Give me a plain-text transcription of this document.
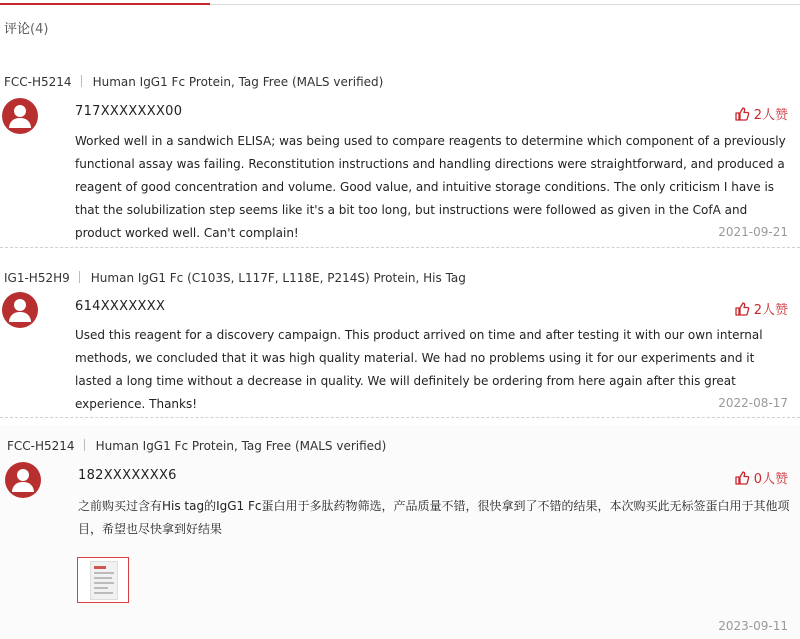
评论(4)
FCC-H5214 Human IgG1 Fc Protein, Tag Free (MALS verified)
717XXXXXXX00	2人赞
Worked well in a sandwich ELISA; was being used to compare reagents to determine which component of a previously functional assay was failing. Reconstitution instructions and handling directions were straightforward, and produced a reagent of good concentration and volume. Good value, and intuitive storage conditions. The only criticism I have is that the solubilization step seems like it's a bit too long, but instructions were followed as given in the CofA and product worked well. Can't complain!	2021-09-21
IG1-H52H9 Human IgG1 Fc (C103S, L117F, L118E, P214S) Protein, His Tag
614XXXXXXX	2人赞
Used this reagent for a discovery campaign. This product arrived on time and after testing it with our own internal methods, we concluded that it was high quality material. We had no problems using it for our experiments and it lasted a long time without a decrease in quality. We will definitely be ordering from here again after this great experience. Thanks!	2022-08-17
FCC-H5214 Human IgG1 Fc Protein, Tag Free (MALS verified)
182XXXXXXX6	0人赞
之前购买过含有His tag的IgG1 Fc蛋白用于多肽药物筛选，产品质量不错，很快拿到了不错的结果，本次购买此无标签蛋白用于其他项目，希望也尽快拿到好结果
2023-09-11
